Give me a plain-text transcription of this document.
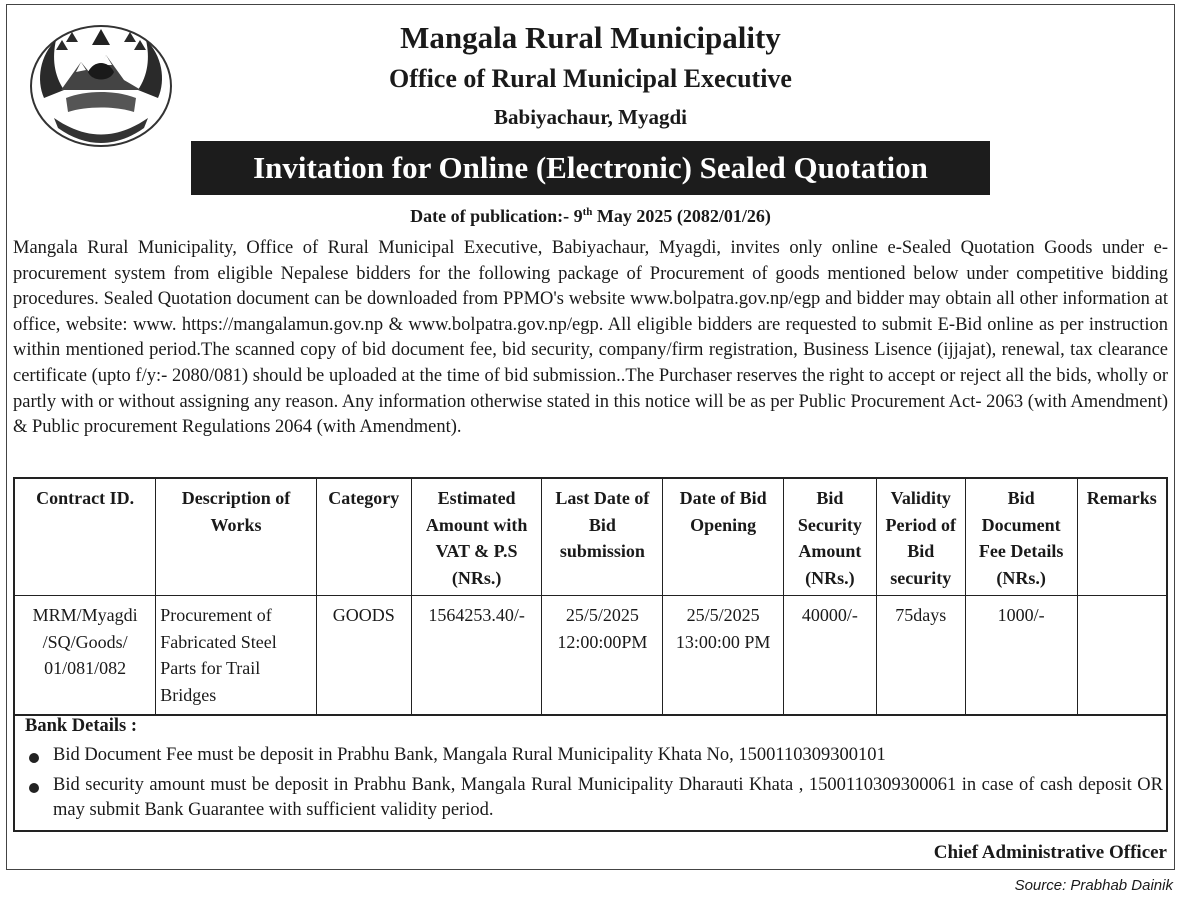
Mangala Rural Municipality
Office of Rural Municipal Executive
Babiyachaur, Myagdi
Invitation for Online (Electronic) Sealed Quotation
Date of publication:- 9th May 2025 (2082/01/26)
Mangala Rural Municipality, Office of Rural Municipal Executive, Babiyachaur, Myagdi, invites only online e-Sealed Quotation Goods under e-procurement system from eligible Nepalese bidders for the following package of Procurement of goods mentioned below under competitive bidding procedures. Sealed Quotation document can be downloaded from PPMO's website www.bolpatra.gov.np/egp and bidder may obtain all other information at office, website: www. https://mangalamun.gov.np & www.bolpatra.gov.np/egp. All eligible bidders are requested to submit E-Bid online as per instruction within mentioned period.The scanned copy of bid document fee, bid security, company/firm registration, Business Lisence (ijjajat), renewal, tax clearance certificate (upto f/y:- 2080/081) should be uploaded at the time of bid submission..The Purchaser reserves the right to accept or reject all the bids, wholly or partly with or without assigning any reason. Any information otherwise stated in this notice will be as per Public Procurement Act- 2063 (with Amendment) & Public procurement Regulations 2064 (with Amendment).
Contract ID.	Description of Works	Category	Estimated Amount with VAT & P.S (NRs.)	Last Date of Bid submission	Date of Bid Opening	Bid Security Amount (NRs.)	Validity Period of Bid security	Bid Document Fee Details (NRs.)	Remarks
MRM/Myagdi /SQ/Goods/ 01/081/082	Procurement of Fabricated Steel Parts for Trail Bridges	GOODS	1564253.40/-	25/5/2025 12:00:00PM	25/5/2025 13:00:00 PM	40000/-	75days	1000/-	
Bank Details :
Bid Document Fee must be deposit in Prabhu Bank, Mangala Rural Municipality Khata No, 1500110309300101
Bid security amount must be deposit in Prabhu Bank, Mangala Rural Municipality Dharauti Khata , 1500110309300061 in case of cash deposit OR may submit Bank Guarantee with sufficient validity period.
Chief Administrative Officer
Source: Prabhab Dainik
